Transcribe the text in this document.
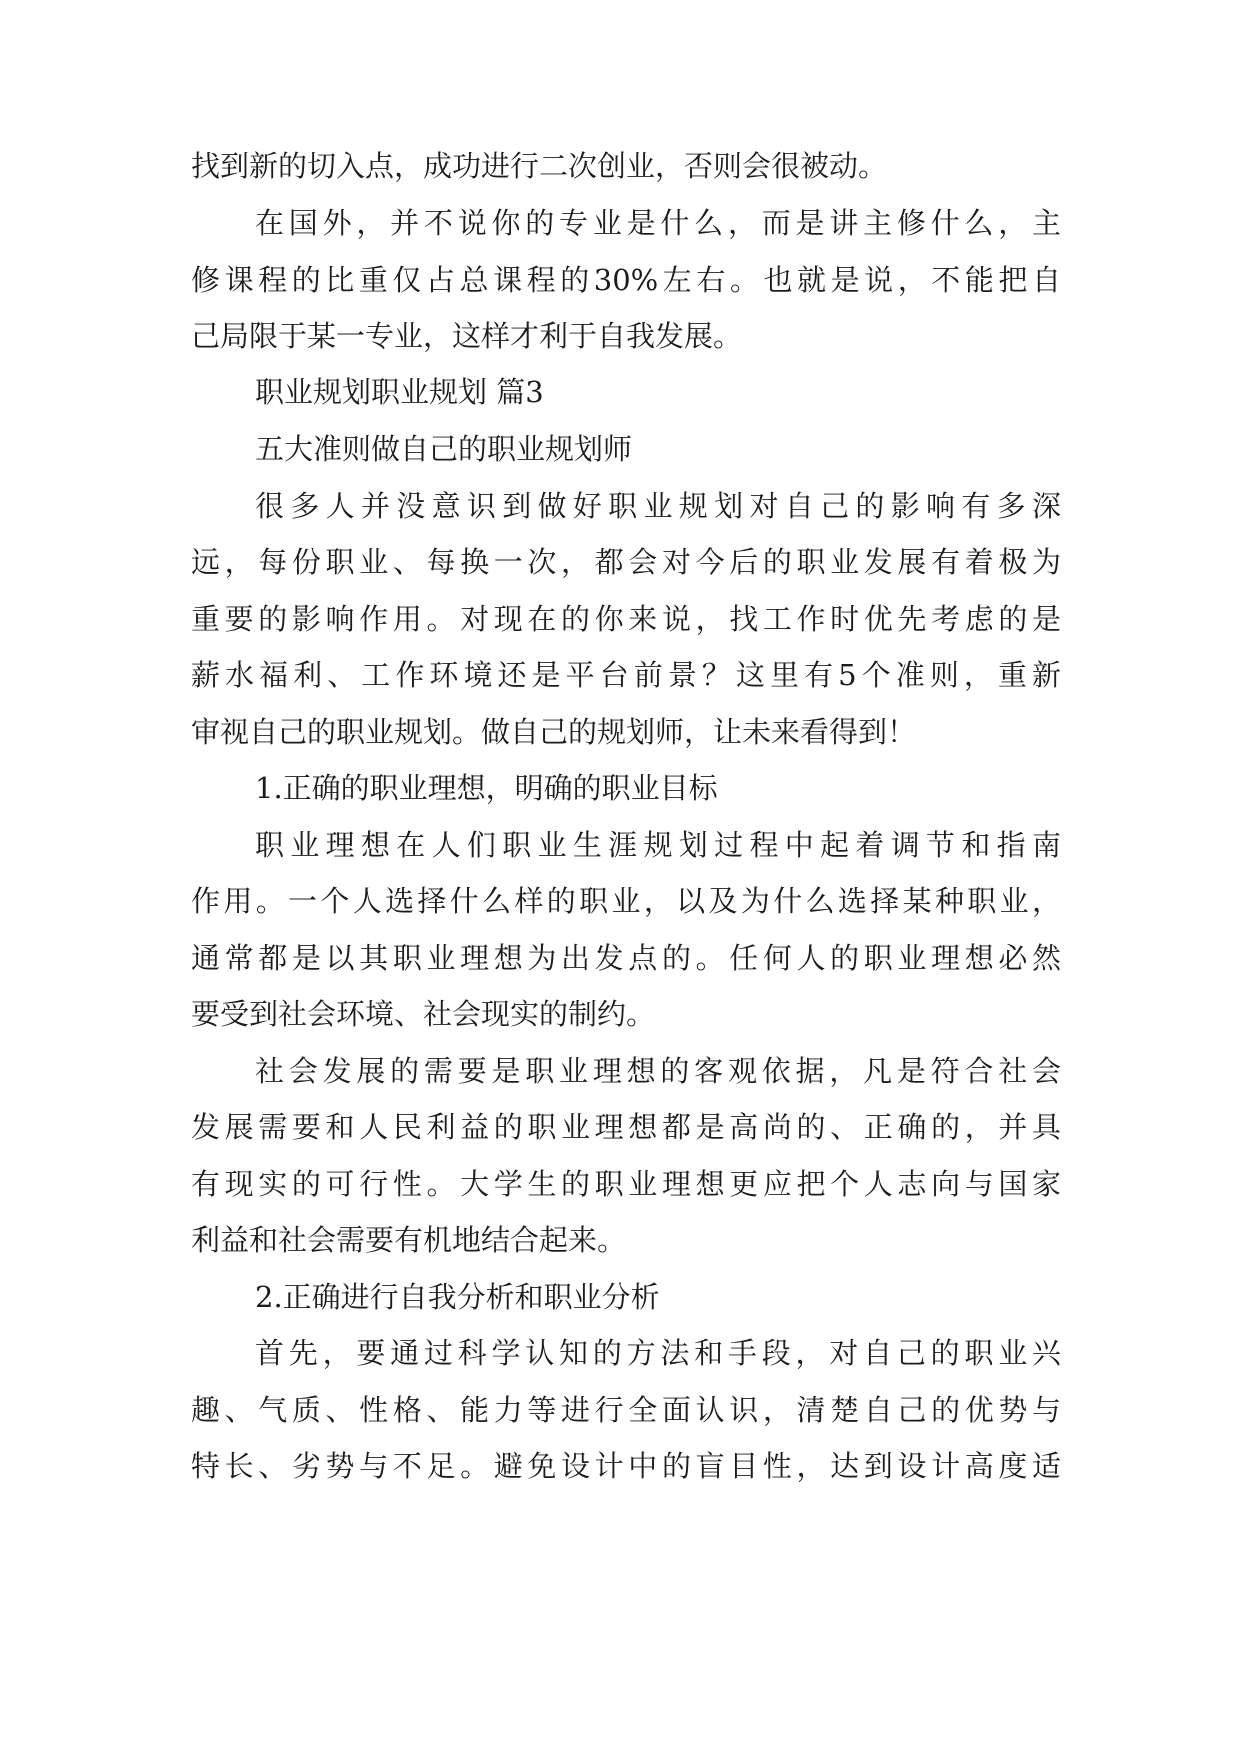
找到新的切入点，成功进行二次创业，否则会很被动。
在国外，并不说你的专业是什么，而是讲主修什么，主
修课程的比重仅占总课程的30%左右。也就是说，不能把自
己局限于某一专业，这样才利于自我发展。
职业规划职业规划 篇3
五大准则做自己的职业规划师
很多人并没意识到做好职业规划对自己的影响有多深
远，每份职业、每换一次，都会对今后的职业发展有着极为
重要的影响作用。对现在的你来说，找工作时优先考虑的是
薪水福利、工作环境还是平台前景？这里有5个准则，重新
审视自己的职业规划。做自己的规划师，让未来看得到！
1.正确的职业理想，明确的职业目标
职业理想在人们职业生涯规划过程中起着调节和指南
作用。一个人选择什么样的职业，以及为什么选择某种职业，
通常都是以其职业理想为出发点的。任何人的职业理想必然
要受到社会环境、社会现实的制约。
社会发展的需要是职业理想的客观依据，凡是符合社会
发展需要和人民利益的职业理想都是高尚的、正确的，并具
有现实的可行性。大学生的职业理想更应把个人志向与国家
利益和社会需要有机地结合起来。
2.正确进行自我分析和职业分析
首先，要通过科学认知的方法和手段，对自己的职业兴
趣、气质、性格、能力等进行全面认识，清楚自己的优势与
特长、劣势与不足。避免设计中的盲目性，达到设计高度适
